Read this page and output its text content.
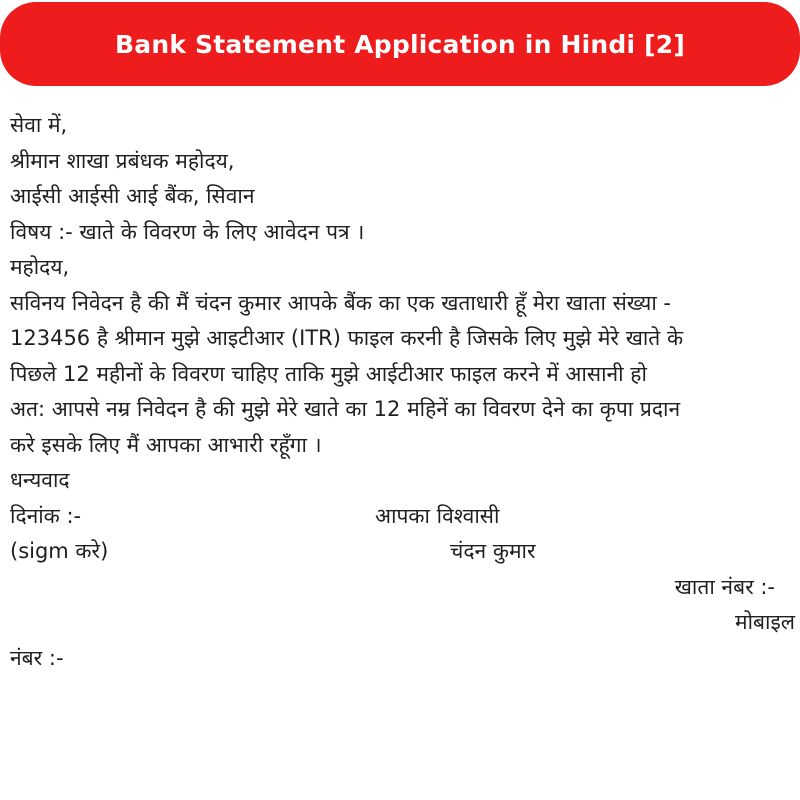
Bank Statement Application in Hindi [2]
सेवा में,
श्रीमान शाखा प्रबंधक महोदय,
आईसी आईसी आई बैंक, सिवान
विषय :- खाते के विवरण के लिए आवेदन पत्र ।
महोदय,
सविनय निवेदन है की मैं चंदन कुमार आपके बैंक का एक खताधारी हूँ मेरा खाता संख्या -
123456 है श्रीमान मुझे आइटीआर (ITR) फाइल करनी है जिसके लिए मुझे मेरे खाते के
पिछले 12 महीनों के विवरण चाहिए ताकि मुझे आईटीआर फाइल करने में आसानी हो
अत: आपसे नम्र निवेदन है की मुझे मेरे खाते का 12 महिनें का विवरण देने का कृपा प्रदान
करे इसके लिए मैं आपका आभारी रहूँगा ।
धन्यवाद
दिनांक :-	आपका विश्वासी
(sigm करे)	चंदन कुमार
खाता नंबर :-
मोबाइल
नंबर :-
